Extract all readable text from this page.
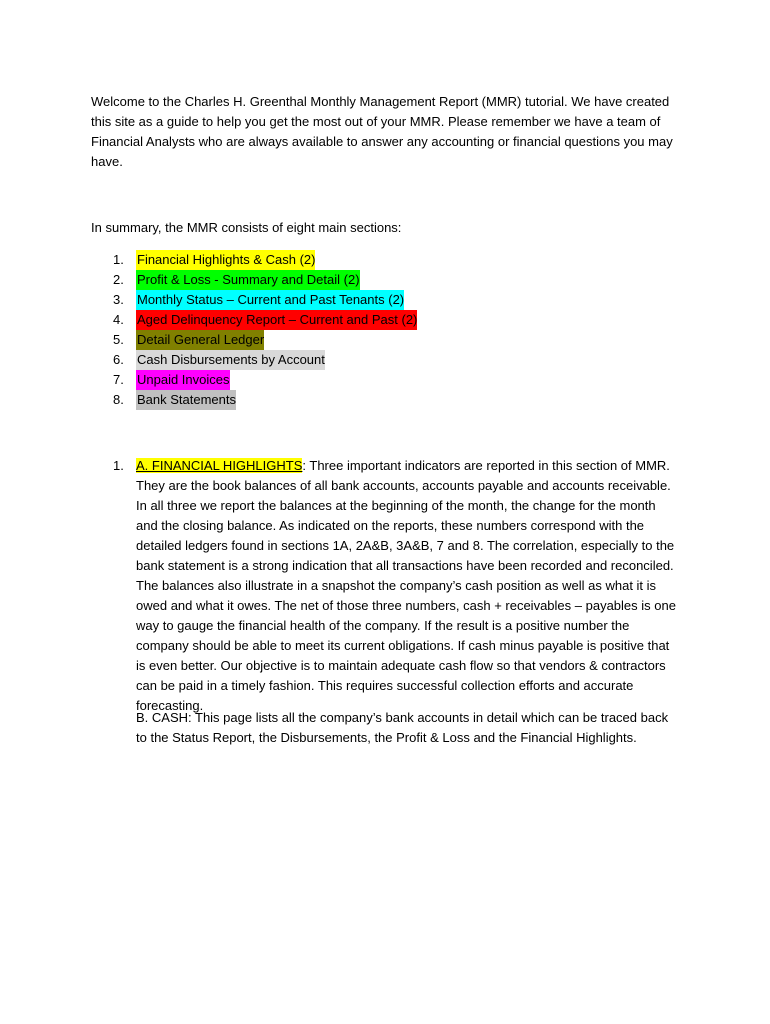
Welcome to the Charles H. Greenthal Monthly Management Report (MMR) tutorial. We have created this site as a guide to help you get the most out of your MMR. Please remember we have a team of Financial Analysts who are always available to answer any accounting or financial questions you may have.

In summary, the MMR consists of eight main sections:

1.	Financial Highlights & Cash (2)
2.	Profit & Loss - Summary and Detail (2)
3.	Monthly Status – Current and Past Tenants (2)
4.	Aged Delinquency Report – Current and Past (2)
5.	Detail General Ledger
6.	Cash Disbursements by Account
7.	Unpaid Invoices
8.	Bank Statements
1. A. FINANCIAL HIGHLIGHTS: Three important indicators are reported in this section of MMR. They are the book balances of all bank accounts, accounts payable and accounts receivable. In all three we report the balances at the beginning of the month, the change for the month and the closing balance. As indicated on the reports, these numbers correspond with the detailed ledgers found in sections 1A, 2A&B, 3A&B, 7 and 8. The correlation, especially to the bank statement is a strong indication that all transactions have been recorded and reconciled. The balances also illustrate in a snapshot the company’s cash position as well as what it is owed and what it owes. The net of those three numbers, cash + receivables – payables is one way to gauge the financial health of the company. If the result is a positive number the company should be able to meet its current obligations. If cash minus payable is positive that is even better. Our objective is to maintain adequate cash flow so that vendors & contractors can be paid in a timely fashion. This requires successful collection efforts and accurate forecasting.

B. CASH: This page lists all the company’s bank accounts in detail which can be traced back to the Status Report, the Disbursements, the Profit & Loss and the Financial Highlights.
